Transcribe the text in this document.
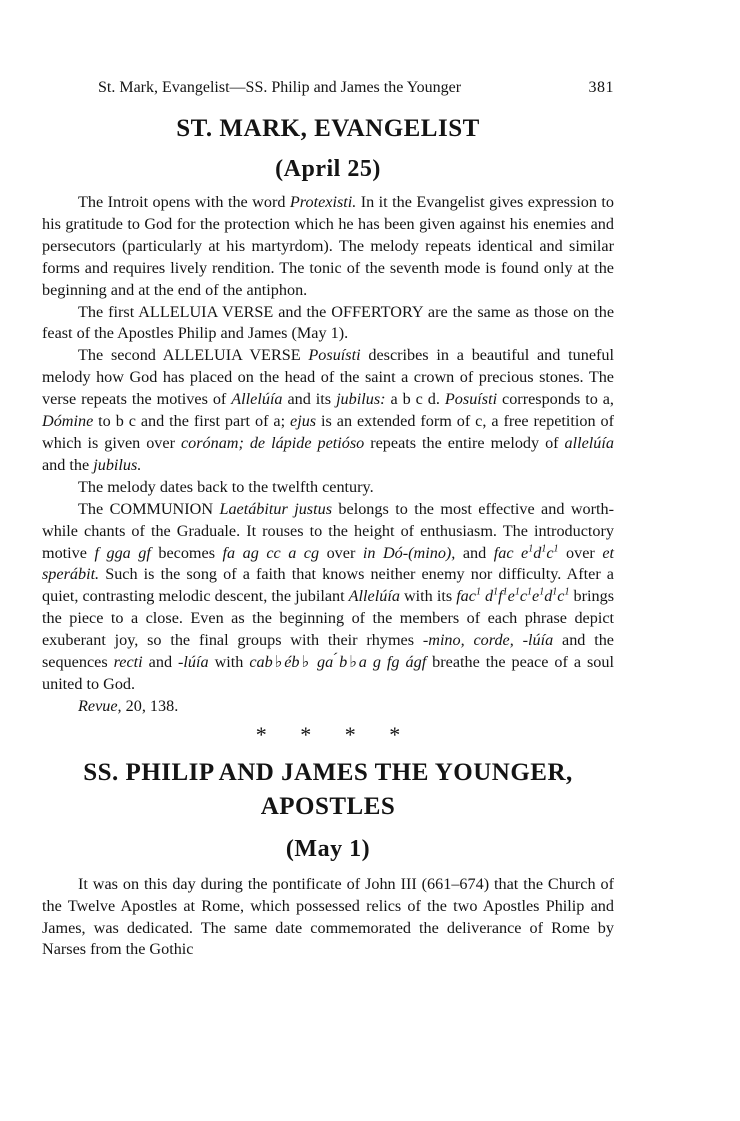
St. Mark, Evangelist—SS. Philip and James the Younger	381
ST. MARK, EVANGELIST
(April 25)

The Introit opens with the word Protexisti. In it the Evangelist gives expression to his gratitude to God for the protection which he has been given against his enemies and persecutors (particularly at his martyrdom). The melody repeats identical and similar forms and requires lively rendition. The tonic of the seventh mode is found only at the beginning and at the end of the antiphon.

The first ALLELUIA VERSE and the OFFERTORY are the same as those on the feast of the Apostles Philip and James (May 1).

The second ALLELUIA VERSE Posuísti describes in a beautiful and tuneful melody how God has placed on the head of the saint a crown of precious stones. The verse repeats the motives of Allelúía and its jubilus: a b c d. Posuísti corresponds to a, Dómine to b c and the first part of a; ejus is an extended form of c, a free repetition of which is given over corónam; de lápide petióso repeats the entire melody of allelúía and the jubilus.

The melody dates back to the twelfth century.

The COMMUNION Laetábitur justus belongs to the most effective and worth-while chants of the Graduale. It rouses to the height of enthusiasm. The introductory motive f gga gf becomes fa ag cc a cg over in Dó-(mino), and fac $e^1d^1c^1$ over et sperábit. Such is the song of a faith that knows neither enemy nor difficulty. After a quiet, contrasting melodic descent, the jubilant Allelúía with its fac$^1$ $d^1f^1e^1c^1e^1d^1c^1$ brings the piece to a close. Even as the beginning of the members of each phrase depict exuberant joy, so the final groups with their rhymes -mino, corde, -lúía and the sequences recti and -lúía with cab♭éb♭ ga ́b♭a g fg ágf breathe the peace of a soul united to God.

Revue, 20, 138.

* * * *
SS. PHILIP AND JAMES THE YOUNGER,
APOSTLES
(May 1)

It was on this day during the pontificate of John III (661–674) that the Church of the Twelve Apostles at Rome, which possessed relics of the two Apostles Philip and James, was dedicated. The same date commemorated the deliverance of Rome by Narses from the Gothic
